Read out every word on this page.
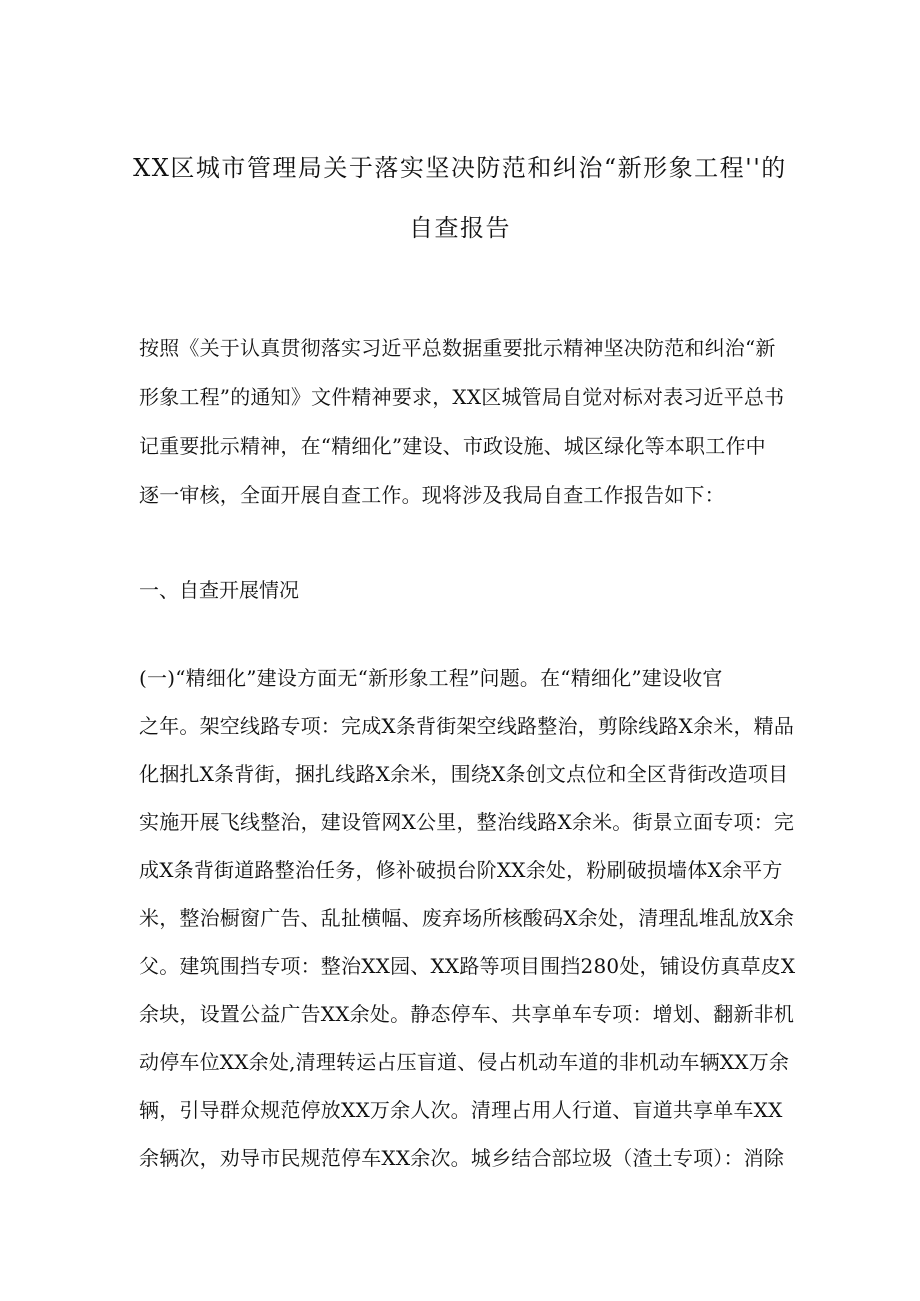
XX区城市管理局关于落实坚决防范和纠治“新形象工程''的
自查报告
按照《关于认真贯彻落实习近平总数据重要批示精神坚决防范和纠治“新
形象工程”的通知》文件精神要求，XX区城管局自觉对标对表习近平总书
记重要批示精神，在“精细化”建设、市政设施、城区绿化等本职工作中
逐一审核，全面开展自查工作。现将涉及我局自查工作报告如下：
一、自查开展情况
(一)“精细化”建设方面无“新形象工程”问题。在“精细化”建设收官
之年。架空线路专项：完成X条背街架空线路整治，剪除线路X余米，精品
化捆扎X条背街，捆扎线路X余米，围绕X条创文点位和全区背街改造项目
实施开展飞线整治，建设管网X公里，整治线路X余米。街景立面专项：完
成X条背街道路整治任务，修补破损台阶XX余处，粉刷破损墙体X余平方
米，整治橱窗广告、乱扯横幅、废弃场所核酸码X余处，清理乱堆乱放X余
父。建筑围挡专项：整治XX园、XX路等项目围挡280处，铺设仿真草皮X
余块，设置公益广告XX余处。静态停车、共享单车专项：增划、翻新非机
动停车位XX余处,清理转运占压盲道、侵占机动车道的非机动车辆XX万余
辆，引导群众规范停放XX万余人次。清理占用人行道、盲道共享单车XX
余辆次，劝导市民规范停车XX余次。城乡结合部垃圾（渣土专项）：消除
